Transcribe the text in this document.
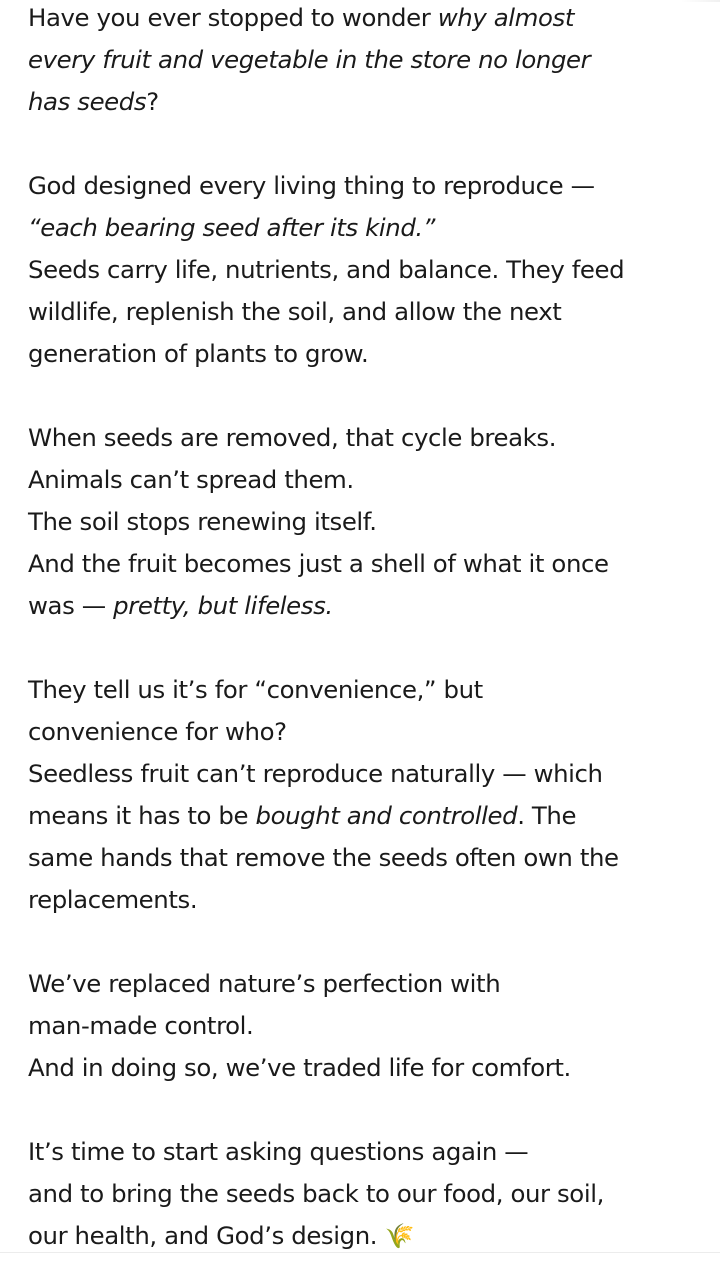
Have you ever stopped to wonder why almost
every fruit and vegetable in the store no longer
has seeds?

God designed every living thing to reproduce —
“each bearing seed after its kind.”
Seeds carry life, nutrients, and balance. They feed
wildlife, replenish the soil, and allow the next
generation of plants to grow.

When seeds are removed, that cycle breaks.
Animals can’t spread them.
The soil stops renewing itself.
And the fruit becomes just a shell of what it once
was — pretty, but lifeless.

They tell us it’s for “convenience,” but
convenience for who?
Seedless fruit can’t reproduce naturally — which
means it has to be bought and controlled. The
same hands that remove the seeds often own the
replacements.

We’ve replaced nature’s perfection with
man-made control.
And in doing so, we’ve traded life for comfort.

It’s time to start asking questions again —
and to bring the seeds back to our food, our soil,
our health, and God’s design. 🌾
